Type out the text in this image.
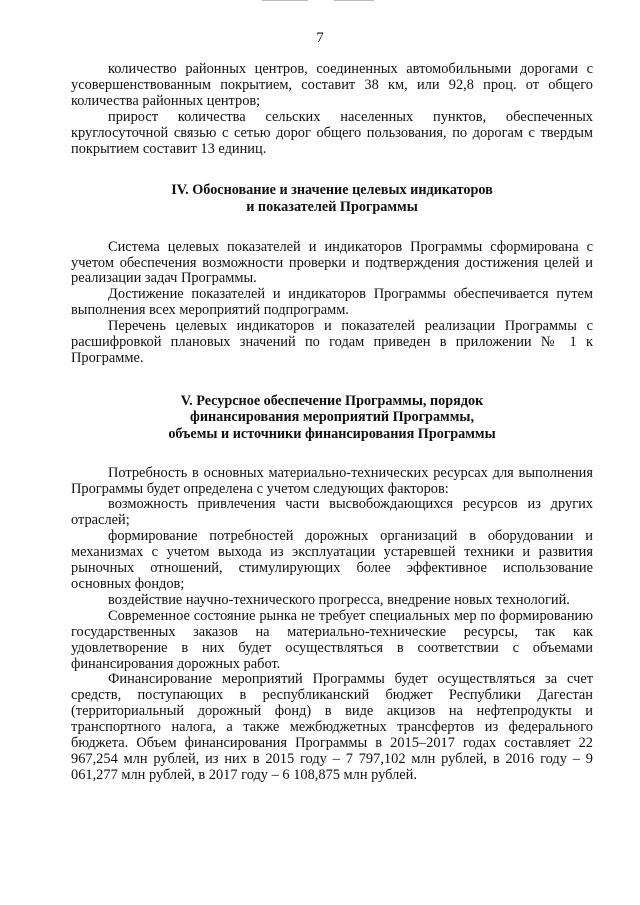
7

количество районных центров, соединенных автомобильными дорогами с усовершенствованным покрытием, составит 38 км, или 92,8 проц. от общего количества районных центров;

прирост количества сельских населенных пунктов, обеспеченных круглосуточной связью с сетью дорог общего пользования, по дорогам с твердым покрытием составит 13 единиц.

IV. Обоснование и значение целевых индикаторов
и показателей Программы

Система целевых показателей и индикаторов Программы сформирована с учетом обеспечения возможности проверки и подтверждения достижения целей и реализации задач Программы.

Достижение показателей и индикаторов Программы обеспечивается путем выполнения всех мероприятий подпрограмм.

Перечень целевых индикаторов и показателей реализации Программы с расшифровкой плановых значений по годам приведен в приложении № 1 к Программе.

V. Ресурсное обеспечение Программы, порядок
финансирования мероприятий Программы,
объемы и источники финансирования Программы

Потребность в основных материально-технических ресурсах для выполнения Программы будет определена с учетом следующих факторов:

возможность привлечения части высвобождающихся ресурсов из других отраслей;

формирование потребностей дорожных организаций в оборудовании и механизмах с учетом выхода из эксплуатации устаревшей техники и развития рыночных отношений, стимулирующих более эффективное использование основных фондов;

воздействие научно-технического прогресса, внедрение новых технологий.

Современное состояние рынка не требует специальных мер по формированию государственных заказов на материально-технические ресурсы, так как удовлетворение в них будет осуществляться в соответствии с объемами финансирования дорожных работ.

Финансирование мероприятий Программы будет осуществляться за счет средств, поступающих в республиканский бюджет Республики Дагестан (территориальный дорожный фонд) в виде акцизов на нефтепродукты и транспортного налога, а также межбюджетных трансфертов из федерального бюджета. Объем финансирования Программы в 2015–2017 годах составляет 22 967,254 млн рублей, из них в 2015 году – 7 797,102 млн рублей, в 2016 году – 9 061,277 млн рублей, в 2017 году – 6 108,875 млн рублей.
